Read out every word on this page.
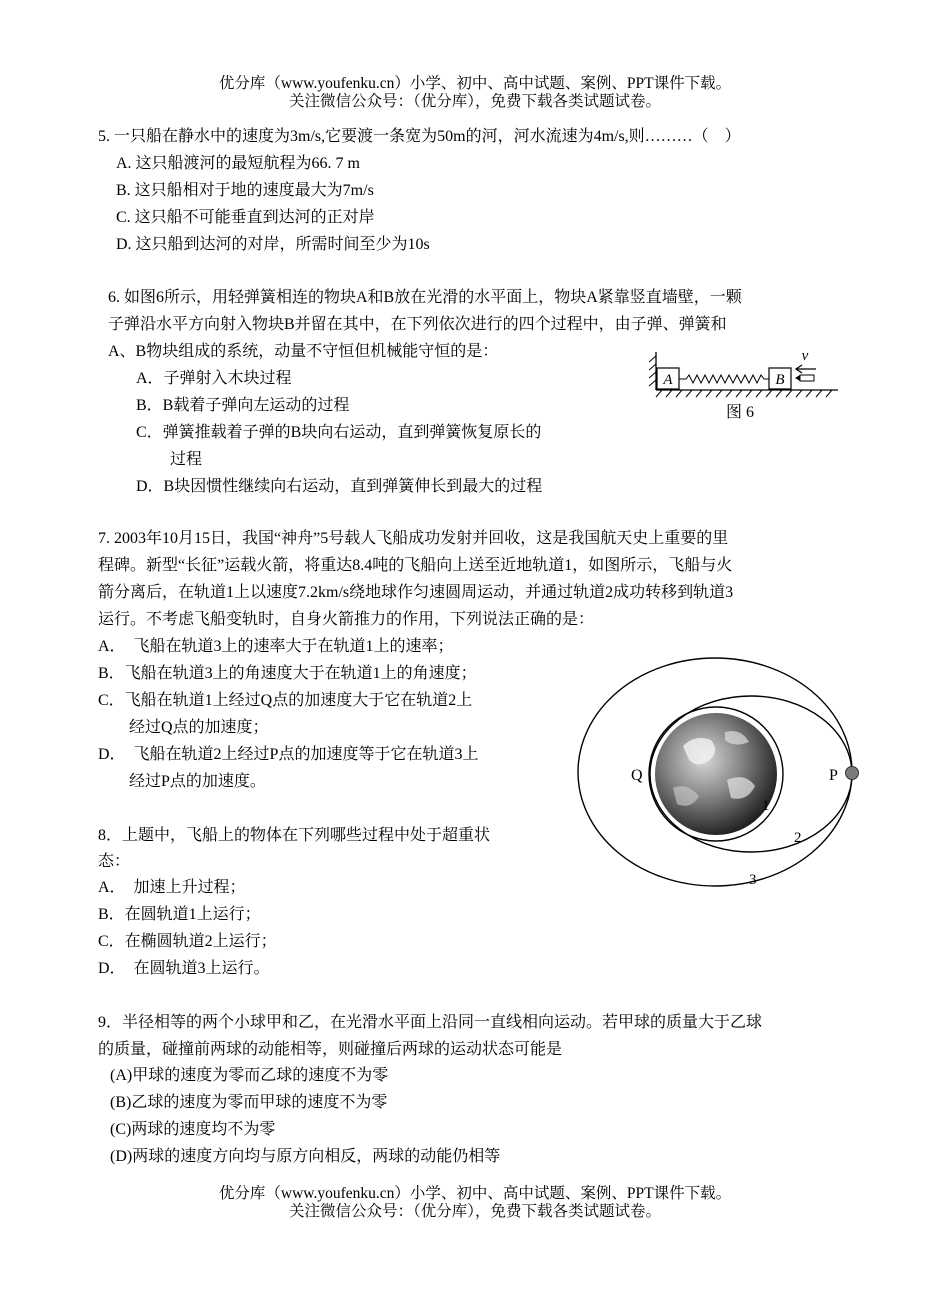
优分库（www.youfenku.cn）小学、初中、高中试题、案例、PPT课件下载。
关注微信公众号：（优分库），免费下载各类试题试卷。
5. 一只船在静水中的速度为3m/s,它要渡一条宽为50m的河，河水流速为4m/s,则………（　）
A. 这只船渡河的最短航程为66. 7 m
B. 这只船相对于地的速度最大为7m/s
C. 这只船不可能垂直到达河的正对岸
D. 这只船到达河的对岸，所需时间至少为10s
6. 如图6所示，用轻弹簧相连的物块A和B放在光滑的水平面上，物块A紧靠竖直墙壁，一颗
子弹沿水平方向射入物块B并留在其中，在下列依次进行的四个过程中，由子弹、弹簧和
A、B物块组成的系统，动量不守恒但机械能守恒的是：
A．子弹射入木块过程
B．B载着子弹向左运动的过程
C．弹簧推载着子弹的B块向右运动，直到弹簧恢复原长的
过程
D．B块因惯性继续向右运动，直到弹簧伸长到最大的过程
A	B
v
图 6
7. 2003年10月15日，我国“神舟”5号载人飞船成功发射并回收，这是我国航天史上重要的里
程碑。新型“长征”运载火箭，将重达8.4吨的飞船向上送至近地轨道1，如图所示，飞船与火
箭分离后，在轨道1上以速度7.2km/s绕地球作匀速圆周运动，并通过轨道2成功转移到轨道3
运行。不考虑飞船变轨时，自身火箭推力的作用，下列说法正确的是：
A．　飞船在轨道3上的速率大于在轨道1上的速率；
B．飞船在轨道3上的角速度大于在轨道1上的角速度；
C．飞船在轨道1上经过Q点的加速度大于它在轨道2上
经过Q点的加速度；
D．　飞船在轨道2上经过P点的加速度等于它在轨道3上
经过P点的加速度。	Q	P
1
2
3
8．上题中，飞船上的物体在下列哪些过程中处于超重状
态：
A．　加速上升过程；
B．在圆轨道1上运行；
C．在椭圆轨道2上运行；
D．　在圆轨道3上运行。
9．半径相等的两个小球甲和乙，在光滑水平面上沿同一直线相向运动。若甲球的质量大于乙球
的质量，碰撞前两球的动能相等，则碰撞后两球的运动状态可能是
(A)甲球的速度为零而乙球的速度不为零
(B)乙球的速度为零而甲球的速度不为零
(C)两球的速度均不为零
(D)两球的速度方向均与原方向相反，两球的动能仍相等
优分库（www.youfenku.cn）小学、初中、高中试题、案例、PPT课件下载。
关注微信公众号：（优分库），免费下载各类试题试卷。
